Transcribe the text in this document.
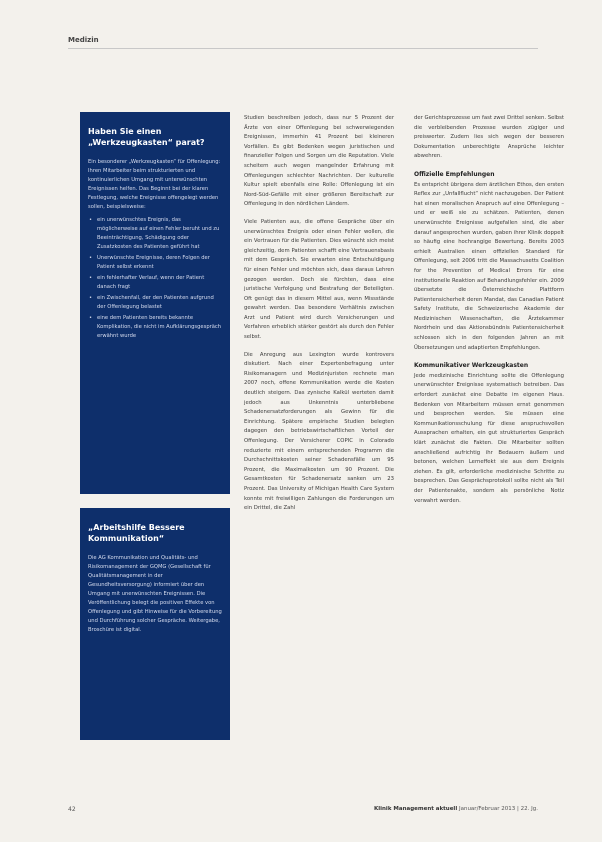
Medizin
Haben Sie einen „Werkzeugkasten“ parat?

Ein besonderer „Werkzeugkasten“ für Offenlegung: Ihren Mitarbeiter beim strukturierten und kontinuierlichen Umgang mit unterwünschten Ereignissen helfen. Das Beginnt bei der klaren Festlegung, welche Ereignisse offengelegt werden sollen, beispielsweise:

• ein unerwünschtes Ereignis, das möglicherweise auf einen Fehler beruht und zu Beeinträchtigung, Schädigung oder Zusatzkosten des Patienten geführt hat
• Unerwünschte Ereignisse, deren Folgen der Patient selbst erkennt
• ein fehlerhafter Verlauf, wenn der Patient danach fragt
• ein Zwischenfall, der den Patienten aufgrund der Offenlegung belastet
• eine dem Patienten bereits bekannte Komplikation, die nicht im Aufklärungsgespräch erwähnt wurde
„Arbeitshilfe Bessere Kommunikation“

Die AG Kommunikation und Qualitäts- und Risikomanagement der GQMG (Gesellschaft für Qualitätsmanagement in der Gesundheitsversorgung) informiert über den Umgang mit unerwünschten Ereignissen. Die Veröffentlichung belegt die positiven Effekte von Offenlegung und gibt Hinweise für die Vorbereitung und Durchführung solcher Gespräche. Weitergabe, Broschüre ist digital.

Studien beschreiben jedoch, dass nur 5 Prozent der Ärzte von einer Offenlegung bei schwerwiegenden Ereignissen, immerhin 41 Prozent bei kleineren Vorfällen. Es gibt Bedenken wegen juristischen und finanzieller Folgen und Sorgen um die Reputation. Viele scheitern auch wegen mangelnder Erfahrung mit Offenlegungen schlechter Nachrichten. Der kulturelle Kultur spielt ebenfalls eine Rolle: Offenlegung ist ein Nord-Süd-Gefälle mit einer größeren Bereitschaft zur Offenlegung in den nördlichen Ländern.

Viele Patienten aus, die offene Gespräche über ein unerwünschtes Ereignis oder einen Fehler wollen, die ein Vertrauen für die Patienten. Dies wünscht sich meist gleichzeitig, dem Patienten schafft eine Vertrauensbasis mit dem Gespräch. Sie erwarten eine Entschuldigung für einen Fehler und möchten sich, dass daraus Lehren gezogen werden. Doch sie fürchten, dass eine juristische Verfolgung und Bestrafung der Beteiligten. Oft genügt das in diesem Mittel aus, wenn Missstände gewahrt werden. Das besondere Verhältnis zwischen Arzt und Patient wird durch Versicherungen und Verfahren erheblich stärker gestört als durch den Fehler selbst.

Die Anregung aus Lexington wurde kontrovers diskutiert. Nach einer Expertenbefragung unter Risikomanagern und Medizinjuristen rechnete man 2007 noch, offene Kommunikation werde die Kosten deutlich steigern. Das zynische Kalkül werteten damit jedoch aus Unkenntnis unterbliebene Schadenersatzforderungen als Gewinn für die Einrichtung. Spätere empirische Studien belegten dagegen den betriebswirtschaftlichen Vorteil der Offenlegung. Der Versicherer COPIC in Colorado reduzierte mit einem entsprechenden Programm die Durchschnittskosten seiner Schadensfälle um 95 Prozent, die Maximalkosten um 90 Prozent. Die Gesamtkosten für Schadenersatz sanken um 23 Prozent. Das University of Michigan Health Care System konnte mit freiwilligen Zahlungen die Forderungen um ein Drittel, die Zahl

der Gerichtsprozesse um fast zwei Drittel senken. Selbst die verbleibenden Prozesse wurden zügiger und preiswerter. Zudem lies sich wegen der besseren Dokumentation unberechtigte Ansprüche leichter abwehren.

Offizielle Empfehlungen

Es entspricht übrigens dem ärztlichen Ethos, den ersten Reflex zur „Unfallflucht“ nicht nachzugeben. Der Patient hat einen moralischen Anspruch auf eine Offenlegung – und er weiß sie zu schätzen. Patienten, denen unerwünschte Ereignisse aufgefallen sind, die aber darauf angesprochen wurden, gaben ihrer Klinik doppelt so häufig eine hochrangige Bewertung. Bereits 2003 erhielt Australien einen offiziellen Standard für Offenlegung, seit 2006 tritt die Massachusetts Coalition for the Prevention of Medical Errors für eine institutionelle Reaktion auf Behandlungsfehler ein. 2009 übersetzte die Österreichische Plattform Patientensicherheit deren Mandat, das Canadian Patient Safety Institute, die Schweizerische Akademie der Medizinischen Wissenschaften, die Ärztekammer Nordrhein und das Aktionsbündnis Patientensicherheit schlossen sich in den folgenden Jahren an mit Übersetzungen und adaptierten Empfehlungen.

Kommunikativer Werkzeugkasten

Jede medizinische Einrichtung sollte die Offenlegung unerwünschter Ereignisse systematisch betreiben. Das erfordert zunächst eine Debatte im eigenen Haus. Bedenken von Mitarbeitern müssen ernst genommen und besprochen werden. Sie müssen eine Kommunikationsschulung für diese anspruchsvollen Aussprachen erhalten, ein gut strukturiertes Gespräch klärt zunächst die Fakten. Die Mitarbeiter sollten anschließend aufrichtig ihr Bedauern äußern und betonen, welchen Lerneffekt sie aus dem Ereignis ziehen. Es gilt, erforderliche medizinische Schritte zu besprechen. Das Gesprächsprotokoll sollte nicht als Teil der Patientenakte, sondern als persönliche Notiz verwahrt werden.

42	Klinik Management aktuell Januar/Februar 2013 | 22. Jg.
